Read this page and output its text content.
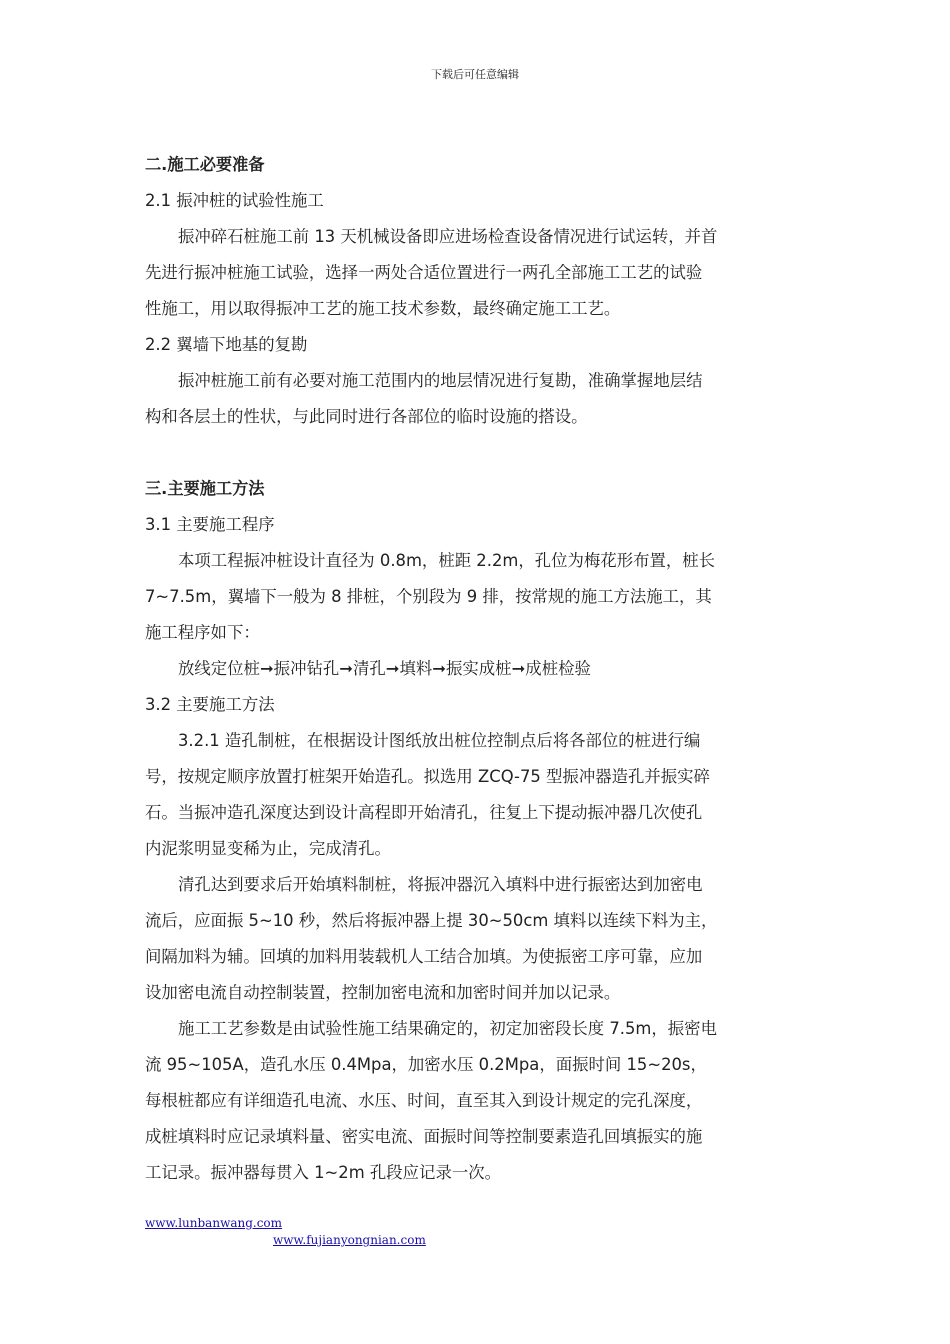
下载后可任意编辑
二.施工必要准备
2.1 振冲桩的试验性施工
振冲碎石桩施工前 13 天机械设备即应进场检查设备情况进行试运转，并首
先进行振冲桩施工试验，选择一两处合适位置进行一两孔全部施工工艺的试验
性施工，用以取得振冲工艺的施工技术参数，最终确定施工工艺。
2.2 翼墙下地基的复勘
振冲桩施工前有必要对施工范围内的地层情况进行复勘，准确掌握地层结
构和各层土的性状，与此同时进行各部位的临时设施的搭设。
三.主要施工方法
3.1 主要施工程序
本项工程振冲桩设计直径为 0.8m，桩距 2.2m，孔位为梅花形布置，桩长
7~7.5m，翼墙下一般为 8 排桩，个别段为 9 排，按常规的施工方法施工，其
施工程序如下：
放线定位桩➞振冲钻孔➞清孔➞填料➞振实成桩➞成桩检验
3.2 主要施工方法
3.2.1 造孔制桩，在根据设计图纸放出桩位控制点后将各部位的桩进行编
号，按规定顺序放置打桩架开始造孔。拟选用 ZCQ-75 型振冲器造孔并振实碎
石。当振冲造孔深度达到设计高程即开始清孔，往复上下提动振冲器几次使孔
内泥浆明显变稀为止，完成清孔。
清孔达到要求后开始填料制桩，将振冲器沉入填料中进行振密达到加密电
流后，应面振 5~10 秒，然后将振冲器上提 30~50cm 填料以连续下料为主，
间隔加料为辅。回填的加料用装载机人工结合加填。为使振密工序可靠，应加
设加密电流自动控制装置，控制加密电流和加密时间并加以记录。
施工工艺参数是由试验性施工结果确定的，初定加密段长度 7.5m，振密电
流 95~105A，造孔水压 0.4Mpa，加密水压 0.2Mpa，面振时间 15~20s，
每根桩都应有详细造孔电流、水压、时间，直至其入到设计规定的完孔深度，
成桩填料时应记录填料量、密实电流、面振时间等控制要素造孔回填振实的施
工记录。振冲器每贯入 1~2m 孔段应记录一次。
www.lunbanwang.com
www.fujianyongnian.com
